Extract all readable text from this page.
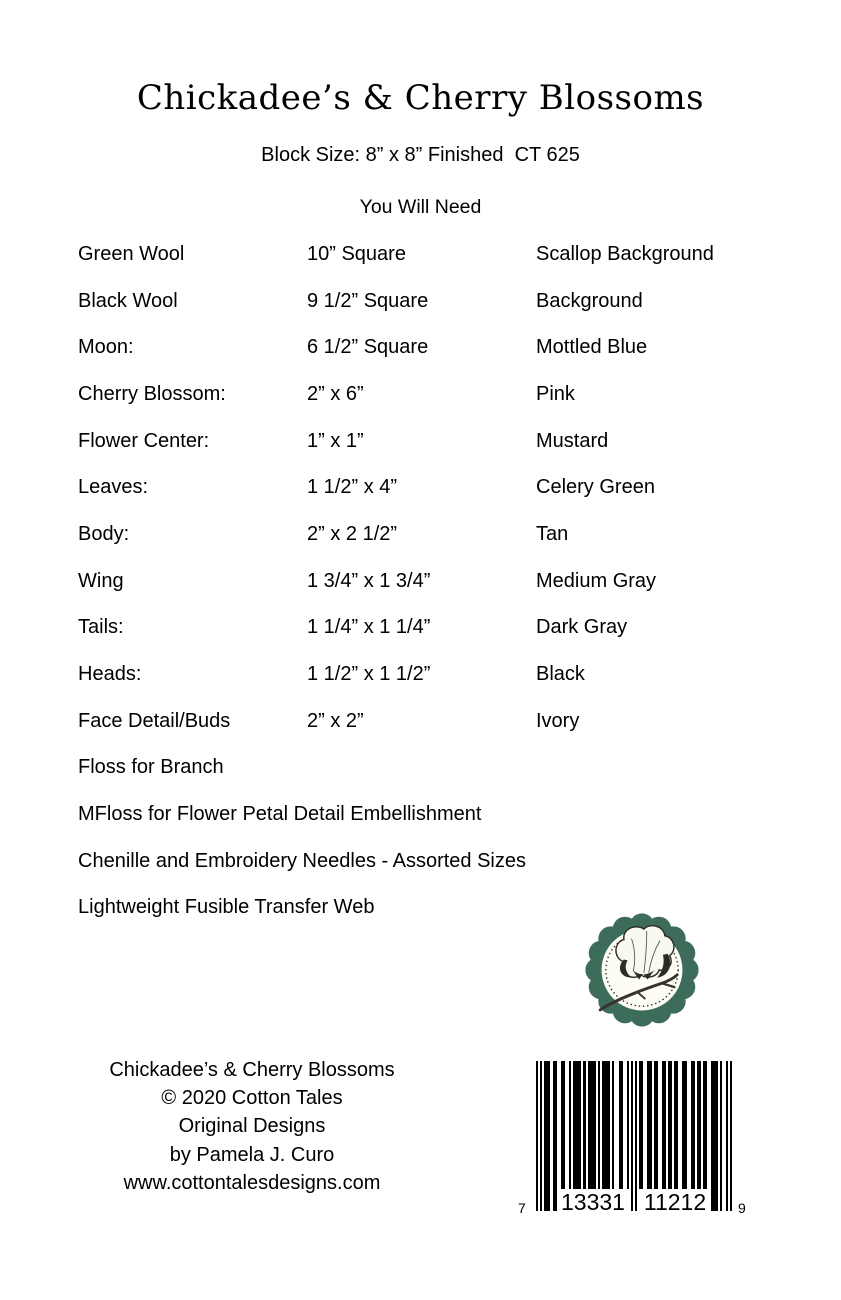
Chickadee’s & Cherry Blossoms
Block Size: 8” x 8” Finished  CT 625
You Will Need
Green Wool	10” Square	Scallop Background
Black Wool	9 1/2” Square	Background
Moon:	6 1/2” Square	Mottled Blue
Cherry Blossom:	2” x 6”	Pink
Flower Center:	1” x 1”	Mustard
Leaves:	1 1/2” x 4”	Celery Green
Body:	2” x 2 1/2”	Tan
Wing	1 3/4” x 1 3/4”	Medium Gray
Tails:	1 1/4” x 1 1/4”	Dark Gray
Heads:	1 1/2” x 1 1/2”	Black
Face Detail/Buds	2” x 2”	Ivory
Floss for Branch
MFloss for Flower Petal Detail Embellishment
Chenille and Embroidery Needles - Assorted Sizes
Lightweight Fusible Transfer Web
Chickadee’s & Cherry Blossoms
© 2020 Cotton Tales
Original Designs
by Pamela J. Curo
www.cottontalesdesigns.com
7 13331 11212	9
